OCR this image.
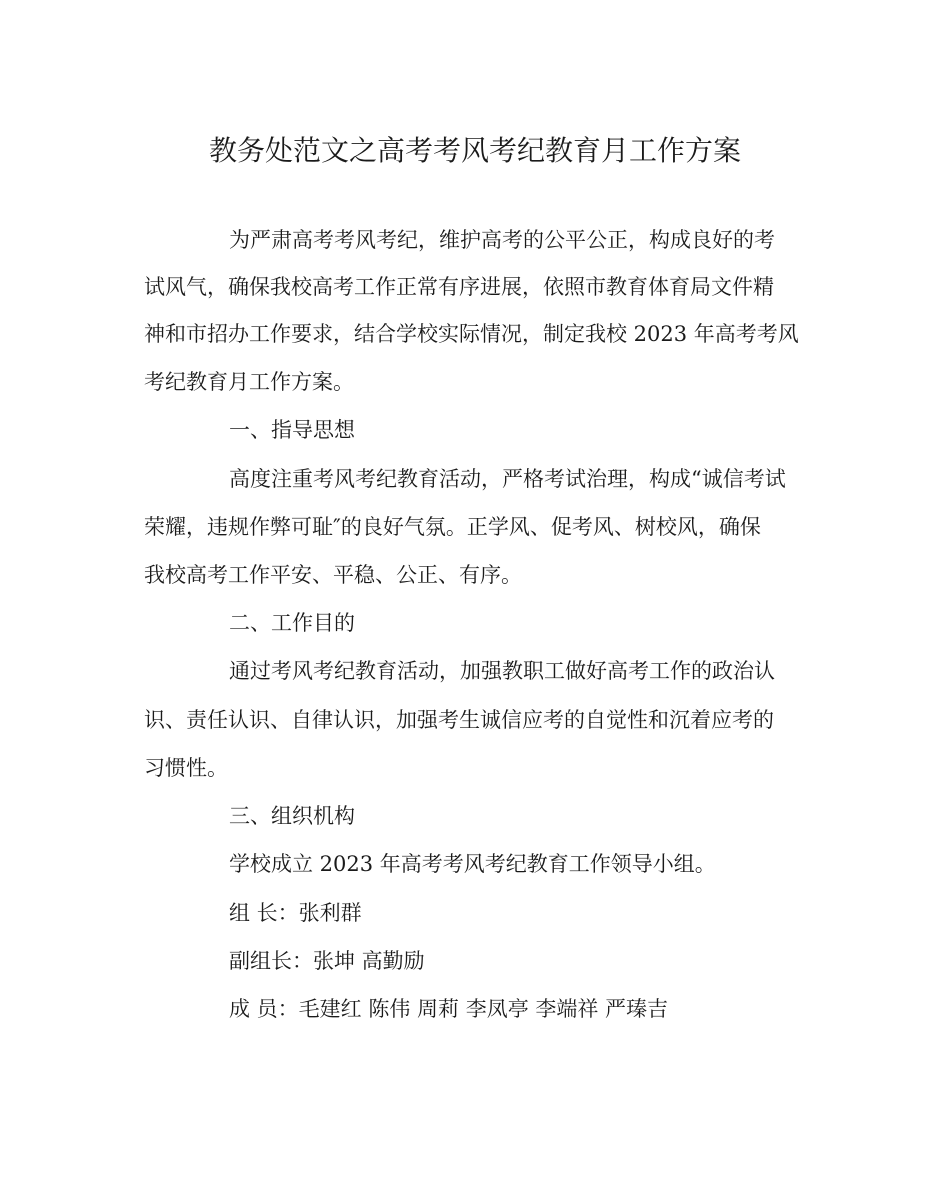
教务处范文之高考考风考纪教育月工作方案
为严肃高考考风考纪，维护高考的公平公正，构成良好的考
试风气，确保我校高考工作正常有序进展，依照市教育体育局文件精
神和市招办工作要求，结合学校实际情况，制定我校 2023 年高考考风
考纪教育月工作方案。
一、指导思想
高度注重考风考纪教育活动，严格考试治理，构成“诚信考试
荣耀，违规作弊可耻″的良好气氛。正学风、促考风、树校风，确保
我校高考工作平安、平稳、公正、有序。
二、工作目的
通过考风考纪教育活动，加强教职工做好高考工作的政治认
识、责任认识、自律认识，加强考生诚信应考的自觉性和沉着应考的
习惯性。
三、组织机构
学校成立 2023 年高考考风考纪教育工作领导小组。
组 长：张利群
副组长：张坤 高勤励
成 员：毛建红 陈伟 周莉 李凤亭 李端祥 严瑧吉
